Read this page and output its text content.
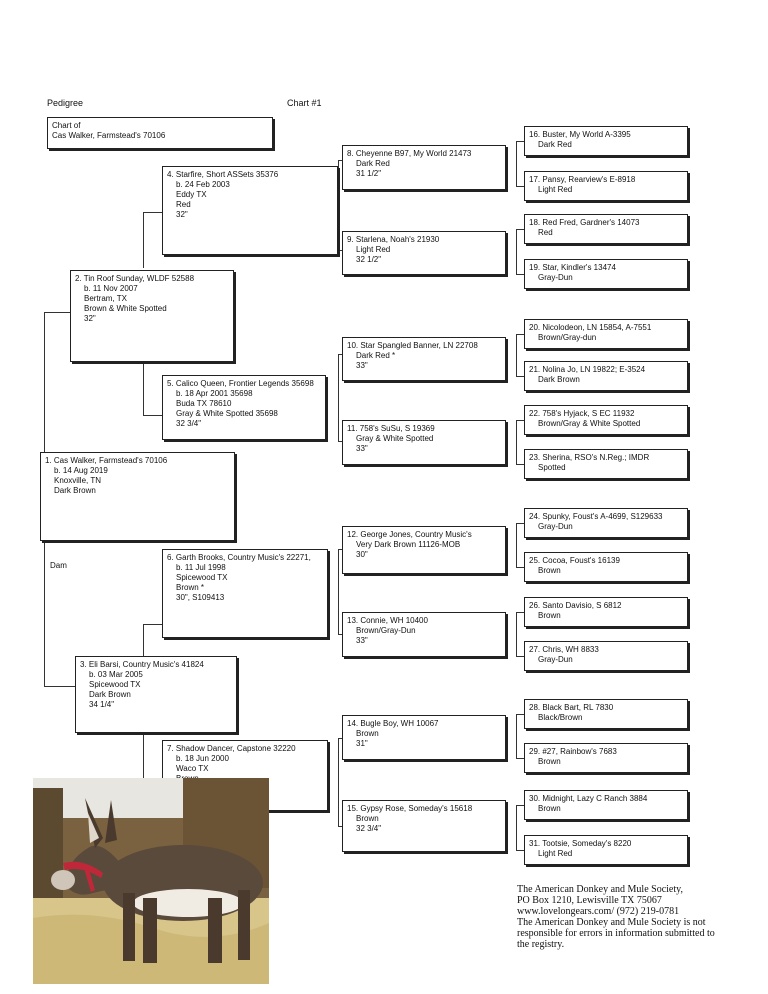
Pedigree	Chart #1
Chart of
Cas Walker, Farmstead's 70106
Dam
1. Cas Walker, Farmstead's 70106
b. 14 Aug 2019
Knoxville, TN
Dark Brown
2. Tin Roof Sunday, WLDF 52588
b. 11 Nov 2007
Bertram, TX
Brown & White Spotted
32"
3. Eli Barsi, Country Music's 41824
b. 03 Mar 2005
Spicewood TX
Dark Brown
34 1/4"
4. Starfire, Short ASSets 35376
b. 24 Feb 2003
Eddy TX
Red
32"
5. Calico Queen, Frontier Legends 35698
b. 18 Apr 2001 35698
Buda TX 78610
Gray & White Spotted 35698
32 3/4"
6. Garth Brooks, Country Music's 22271,
b. 11 Jul 1998
Spicewood TX
Brown *
30", S109413
7. Shadow Dancer, Capstone 32220
b. 18 Jun 2000
Waco TX
8. Cheyenne B97, My World 21473
Dark Red
31 1/2"
9. Starlena, Noah's 21930
Light Red
32 1/2"
10. Star Spangled Banner, LN 22708
Dark Red *
33"
11. 758's SuSu, S 19369
Gray & White Spotted
33"
12. George Jones, Country Music's
Very Dark Brown 11126-MOB
30"
13. Connie, WH 10400
Brown/Gray-Dun
33"
14. Bugle Boy, WH 10067
Brown
31"
15. Gypsy Rose, Someday's 15618
Brown
32 3/4"
16. Buster, My World A-3395
Dark Red
17. Pansy, Rearview's E-8918
Light Red
18. Red Fred, Gardner's 14073
Red
19. Star, Kindler's 13474
Gray-Dun
20. Nicolodeon, LN 15854, A-7551
Brown/Gray-dun
21. Nolina Jo, LN 19822; E-3524
Dark Brown
22. 758's Hyjack, S EC 11932
Brown/Gray & White Spotted
23. Sherina, RSO's N.Reg.; IMDR
Spotted
24. Spunky, Foust's A-4699, S129633
Gray-Dun
25. Cocoa, Foust's 16139
Brown
26. Santo Davisio, S 6812
Brown
27. Chris, WH 8833
Gray-Dun
28. Black Bart, RL 7830
Black/Brown
29. #27, Rainbow's 7683
Brown
30. Midnight, Lazy C Ranch 3884
Brown
31. Tootsie, Someday's 8220
Light Red
The American Donkey and Mule Society,
PO Box 1210, Lewisville TX 75067
www.lovelongears.com/ (972) 219-0781
The American Donkey and Mule Society is not
responsible for errors in information submitted to
the registry.
